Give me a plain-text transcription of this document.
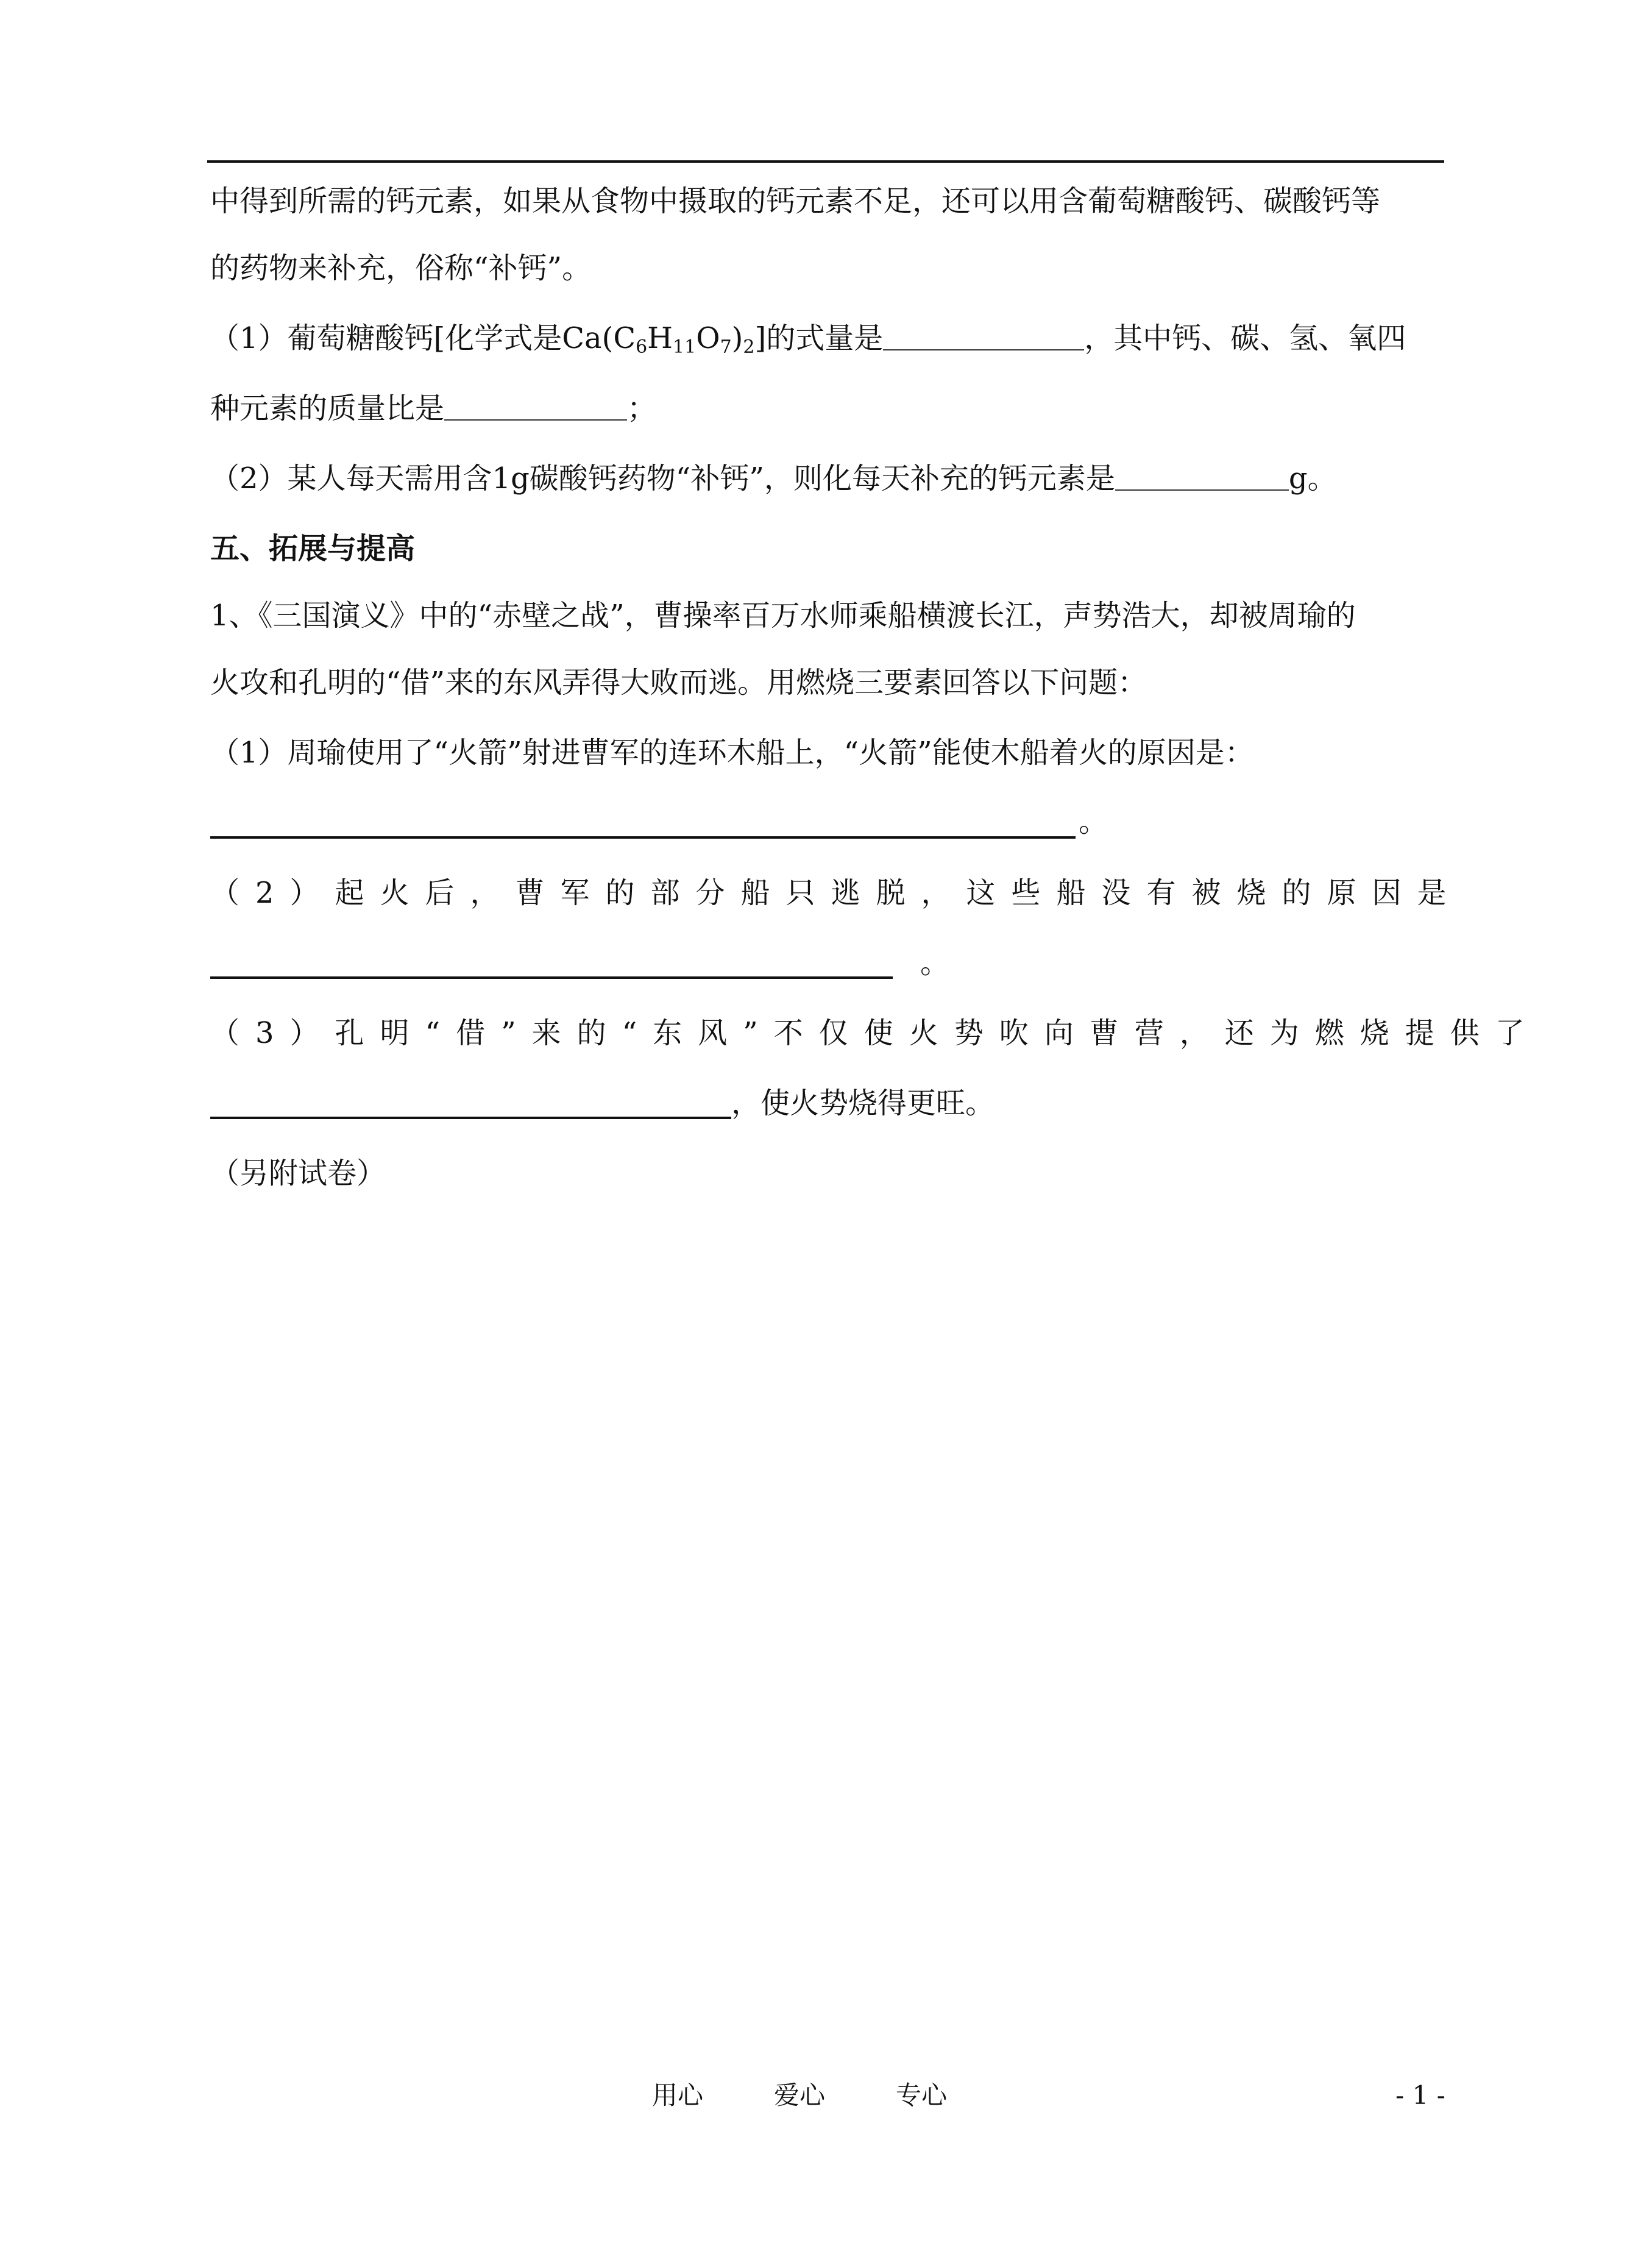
中得到所需的钙元素，如果从食物中摄取的钙元素不足，还可以用含葡萄糖酸钙、碳酸钙等
的药物来补充，俗称“补钙”。
（1）葡萄糖酸钙[化学式是$Ca(C_6H_{11}O_7)_2$]的式量是	，其中钙、碳、氢、氧四
种元素的质量比是	；
（2）某人每天需用含1g碳酸钙药物“补钙”，则化每天补充的钙元素是	g。
五、拓展与提高
1、《三国演义》中的“赤壁之战”，曹操率百万水师乘船横渡长江，声势浩大，却被周瑜的
火攻和孔明的“借”来的东风弄得大败而逃。用燃烧三要素回答以下问题：
（1）周瑜使用了“火箭”射进曹军的连环木船上，“火箭”能使木船着火的原因是：
。
（2）起火后，曹军的部分船只逃脱，这些船没有被烧的原因是
。
（3）孔明“借”来的“东风”不仅使火势吹向曹营，还为燃烧提供了
，使火势烧得更旺。
（另附试卷）
用心	爱心	专心	- 1 -
